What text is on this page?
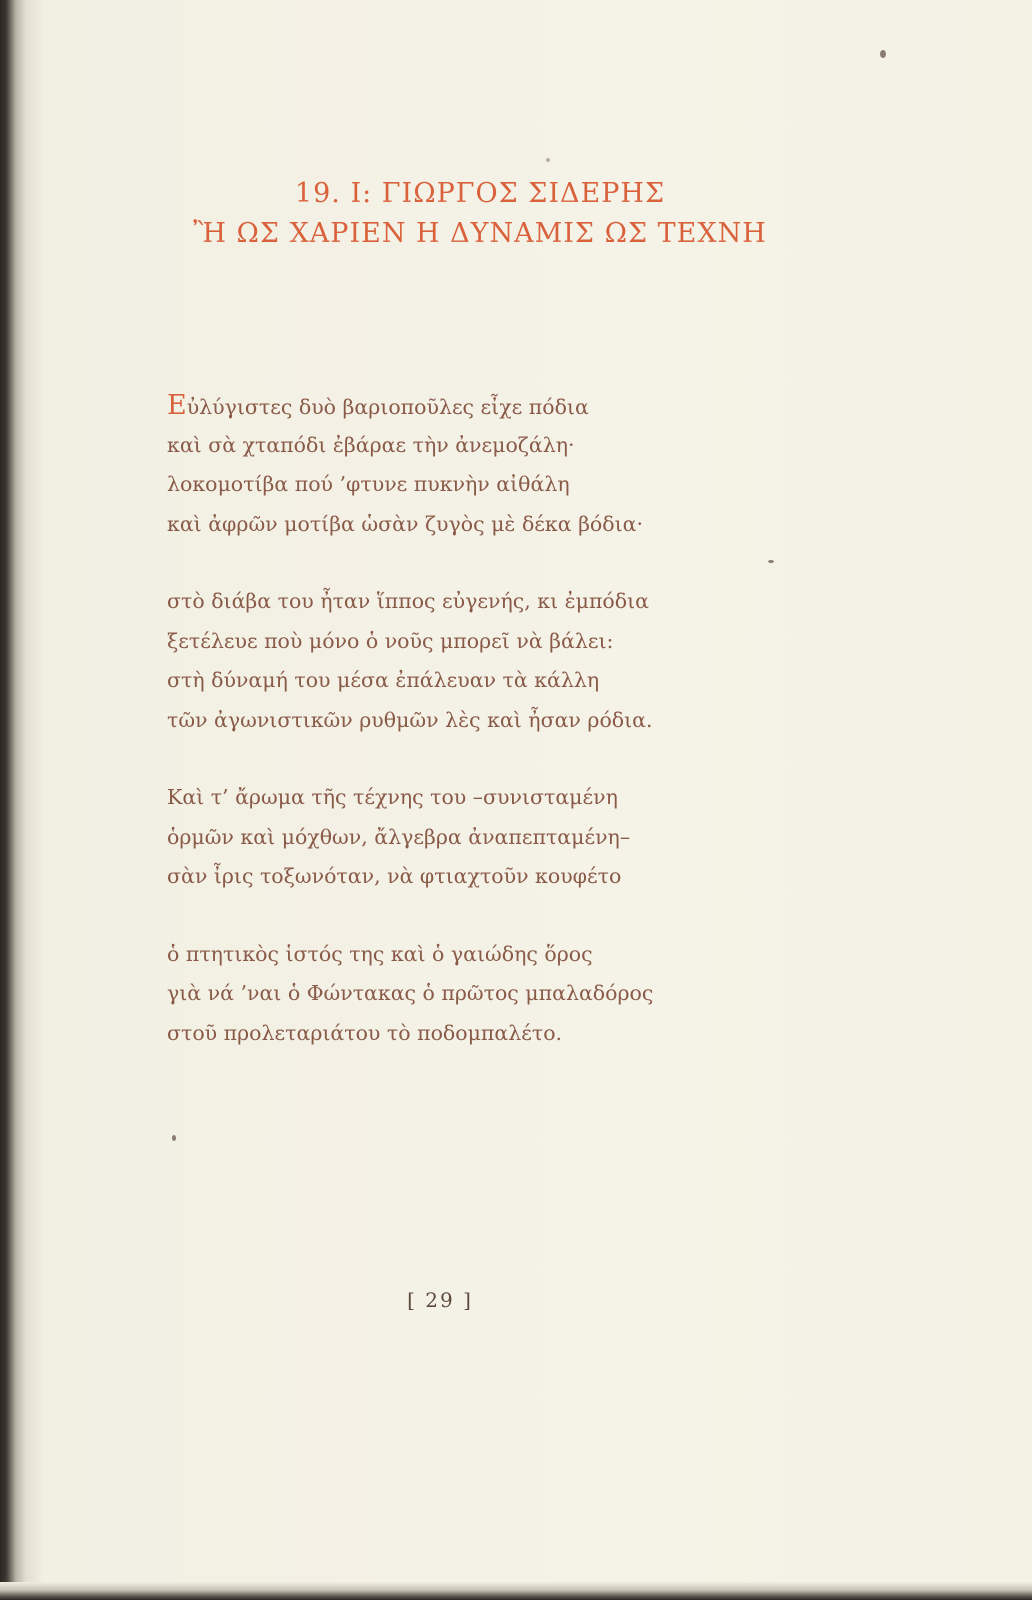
19. Ι: ΓΙΩΡΓΟΣ ΣΙΔΕΡΗΣ
Ἢ ΩΣ ΧΑΡΙΕΝ Η ΔΥΝΑΜΙΣ ΩΣ ΤΕΧΝΗ
Εὐλύγιστες δυὸ βαριοποῦλες εἶχε πόδια
καὶ σὰ χταπόδι ἐβάραε τὴν ἀνεμοζάλη·
λοκομοτίβα πού ’φτυνε πυκνὴν αἰθάλη
καὶ ἀφρῶν μοτίβα ὡσὰν ζυγὸς μὲ δέκα βόδια·
στὸ διάβα του ἦταν ἵππος εὐγενής, κι ἐμπόδια
ξετέλευε ποὺ μόνο ὁ νοῦς μπορεῖ νὰ βάλει:
στὴ δύναμή του μέσα ἐπάλευαν τὰ κάλλη
τῶν ἀγωνιστικῶν ρυθμῶν λὲς καὶ ἦσαν ρόδια.
Καὶ τ’ ἄρωμα τῆς τέχνης του –συνισταμένη
ὁρμῶν καὶ μόχθων, ἄλγεβρα ἀναπεπταμένη–
σὰν ἶρις τοξωνόταν, νὰ φτιαχτοῦν κουφέτο
ὁ πτητικὸς ἱστός της καὶ ὁ γαιώδης ὅρος
γιὰ νά ’ναι ὁ Φώντακας ὁ πρῶτος μπαλαδόρος
στοῦ προλεταριάτου τὸ ποδομπαλέτο.
[ 29 ]
